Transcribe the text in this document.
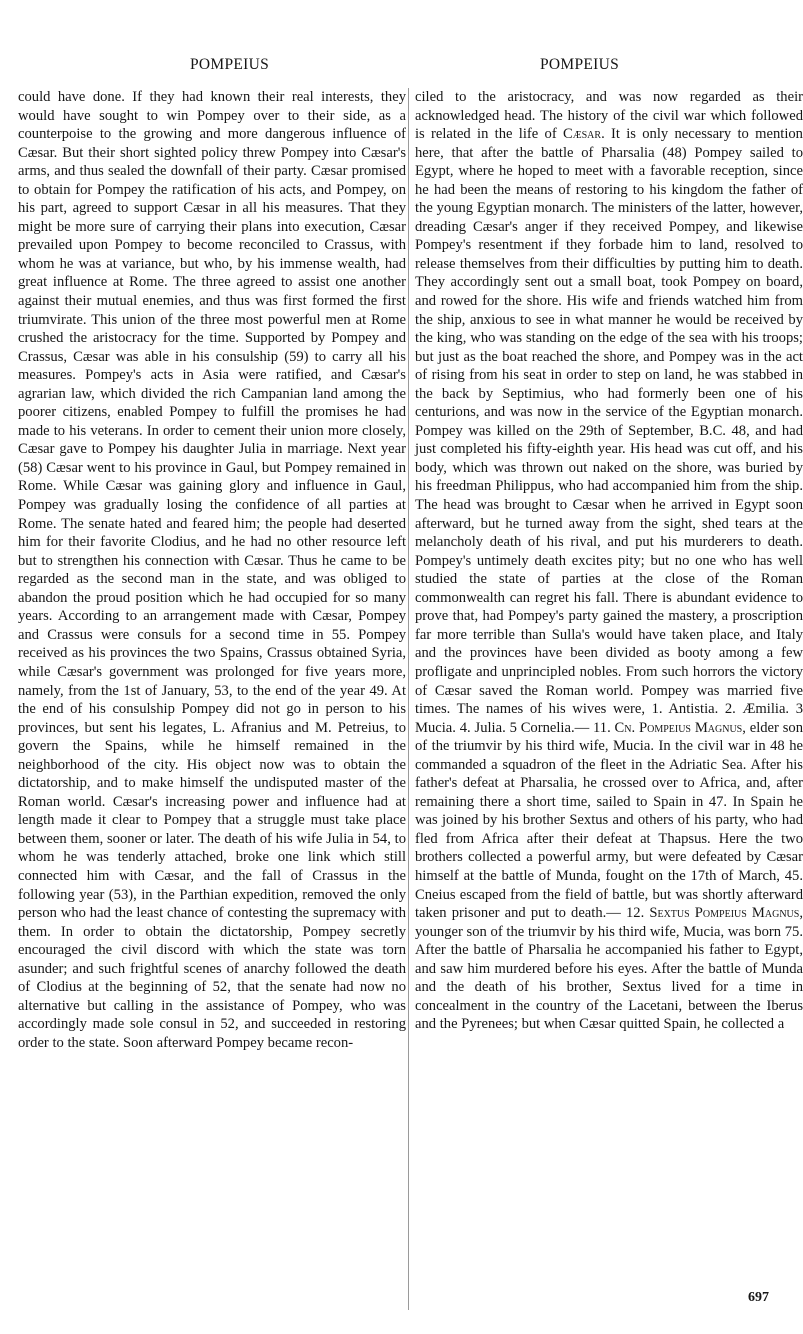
POMPEIUS	POMPEIUS
could have done. If they had known their real interests, they would have sought to win Pompey over to their side, as a counterpoise to the growing and more dangerous influence of Cæsar. But their short sighted policy threw Pompey into Cæsar's arms, and thus sealed the downfall of their party. Cæsar promised to obtain for Pompey the ratification of his acts, and Pompey, on his part, agreed to support Cæsar in all his measures. That they might be more sure of carrying their plans into execution, Cæsar prevailed upon Pompey to become reconciled to Crassus, with whom he was at variance, but who, by his immense wealth, had great influence at Rome. The three agreed to assist one another against their mutual enemies, and thus was first formed the first triumvirate. This union of the three most powerful men at Rome crushed the aristocracy for the time. Supported by Pompey and Crassus, Cæsar was able in his consulship (59) to carry all his measures. Pompey's acts in Asia were ratified, and Cæsar's agrarian law, which divided the rich Campanian land among the poorer citizens, enabled Pompey to fulfill the promises he had made to his veterans. In order to cement their union more closely, Cæsar gave to Pompey his daughter Julia in marriage. Next year (58) Cæsar went to his province in Gaul, but Pompey remained in Rome. While Cæsar was gaining glory and influence in Gaul, Pompey was gradually losing the confidence of all parties at Rome. The senate hated and feared him; the people had deserted him for their favorite Clodius, and he had no other resource left but to strengthen his connection with Cæsar. Thus he came to be regarded as the second man in the state, and was obliged to abandon the proud position which he had occupied for so many years. According to an arrangement made with Cæsar, Pompey and Crassus were consuls for a second time in 55. Pompey received as his provinces the two Spains, Crassus obtained Syria, while Cæsar's government was prolonged for five years more, namely, from the 1st of January, 53, to the end of the year 49. At the end of his consulship Pompey did not go in person to his provinces, but sent his legates, L. Afranius and M. Petreius, to govern the Spains, while he himself remained in the neighborhood of the city. His object now was to obtain the dictatorship, and to make himself the undisputed master of the Roman world. Cæsar's increasing power and influence had at length made it clear to Pompey that a struggle must take place between them, sooner or later. The death of his wife Julia in 54, to whom he was tenderly attached, broke one link which still connected him with Cæsar, and the fall of Crassus in the following year (53), in the Parthian expedition, removed the only person who had the least chance of contesting the supremacy with them. In order to obtain the dictatorship, Pompey secretly encouraged the civil discord with which the state was torn asunder; and such frightful scenes of anarchy followed the death of Clodius at the beginning of 52, that the senate had now no alternative but calling in the assistance of Pompey, who was accordingly made sole consul in 52, and succeeded in restoring order to the state. Soon afterward Pompey became recon-
ciled to the aristocracy, and was now regarded as their acknowledged head. The history of the civil war which followed is related in the life of Cæsar. It is only necessary to mention here, that after the battle of Pharsalia (48) Pompey sailed to Egypt, where he hoped to meet with a favorable reception, since he had been the means of restoring to his kingdom the father of the young Egyptian monarch. The ministers of the latter, however, dreading Cæsar's anger if they received Pompey, and likewise Pompey's resentment if they forbade him to land, resolved to release themselves from their difficulties by putting him to death. They accordingly sent out a small boat, took Pompey on board, and rowed for the shore. His wife and friends watched him from the ship, anxious to see in what manner he would be received by the king, who was standing on the edge of the sea with his troops; but just as the boat reached the shore, and Pompey was in the act of rising from his seat in order to step on land, he was stabbed in the back by Septimius, who had formerly been one of his centurions, and was now in the service of the Egyptian monarch. Pompey was killed on the 29th of September, B.C. 48, and had just completed his fifty-eighth year. His head was cut off, and his body, which was thrown out naked on the shore, was buried by his freedman Philippus, who had accompanied him from the ship. The head was brought to Cæsar when he arrived in Egypt soon afterward, but he turned away from the sight, shed tears at the melancholy death of his rival, and put his murderers to death. Pompey's untimely death excites pity; but no one who has well studied the state of parties at the close of the Roman commonwealth can regret his fall. There is abundant evidence to prove that, had Pompey's party gained the mastery, a proscription far more terrible than Sulla's would have taken place, and Italy and the provinces have been divided as booty among a few profligate and unprincipled nobles. From such horrors the victory of Cæsar saved the Roman world. Pompey was married five times. The names of his wives were, 1. Antistia. 2. Æmilia. 3 Mucia. 4. Julia. 5 Cornelia.— 11. Cn. Pompeius Magnus, elder son of the triumvir by his third wife, Mucia. In the civil war in 48 he commanded a squadron of the fleet in the Adriatic Sea. After his father's defeat at Pharsalia, he crossed over to Africa, and, after remaining there a short time, sailed to Spain in 47. In Spain he was joined by his brother Sextus and others of his party, who had fled from Africa after their defeat at Thapsus. Here the two brothers collected a powerful army, but were defeated by Cæsar himself at the battle of Munda, fought on the 17th of March, 45. Cneius escaped from the field of battle, but was shortly afterward taken prisoner and put to death.— 12. Sextus Pompeius Magnus, younger son of the triumvir by his third wife, Mucia, was born 75. After the battle of Pharsalia he accompanied his father to Egypt, and saw him murdered before his eyes. After the battle of Munda and the death of his brother, Sextus lived for a time in concealment in the country of the Lacetani, between the Iberus and the Pyrenees; but when Cæsar quitted Spain, he collected a
697
